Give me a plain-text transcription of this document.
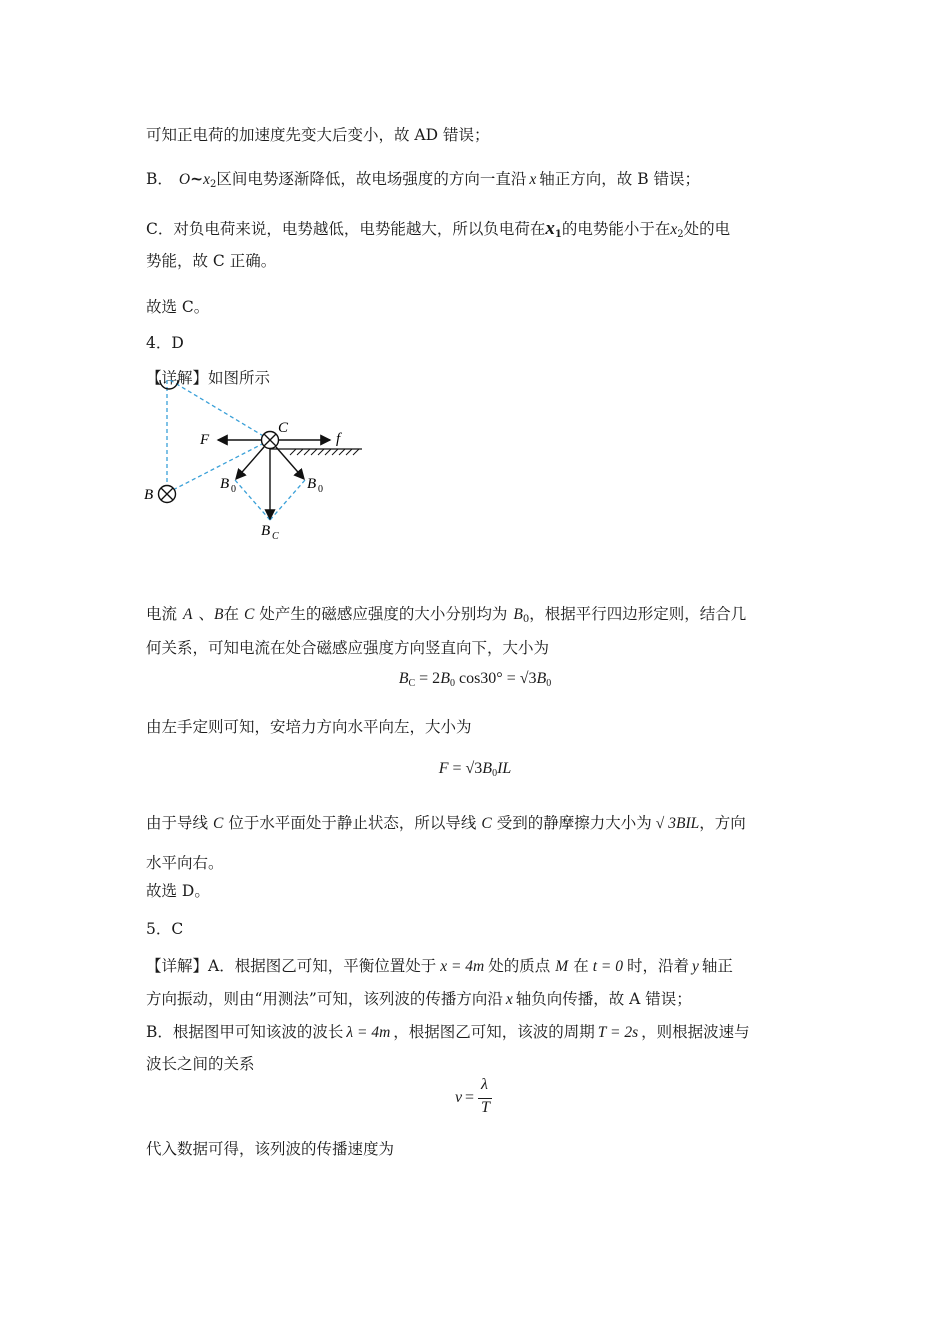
可知正电荷的加速度先变大后变小，故 AD 错误；
B． $O\sim x_2$区间电势逐渐降低，故电场强度的方向一直沿 x 轴正方向，故 B 错误；
C．对负电荷来说，电势越低，电势能越大，所以负电荷在$x_1$的电势能小于在$x_2$处的电
势能，故 C 正确。
故选 C。
4．D
【详解】如图所示
F
C
f
B
B 0	B 0
B C
电流 A 、B在 C 处产生的磁感应强度的大小分别均为 $B_0$，根据平行四边形定则，结合几
何关系，可知电流在处合磁感应强度方向竖直向下，大小为
$B_C = 2B_0$ $\cos 30^\circ = √3B_0$
由左手定则可知，安培力方向水平向左，大小为
$F = √3B_0IL$
由于导线 C 位于水平面处于静止状态，所以导线 C 受到的静摩擦力大小为 √ 3BIL，方向
水平向右。
故选 D。
5．C
【详解】A．根据图乙可知，平衡位置处于 x = 4m 处的质点 M 在 t = 0 时，沿着 y 轴正
方向振动，则由“用测法”可知，该列波的传播方向沿 x 轴负向传播，故 A 错误；
B．根据图甲可知该波的波长 λ = 4m ，根据图乙可知，该波的周期 T = 2s ，则根据波速与
波长之间的关系
v =
λ
T
代入数据可得，该列波的传播速度为
